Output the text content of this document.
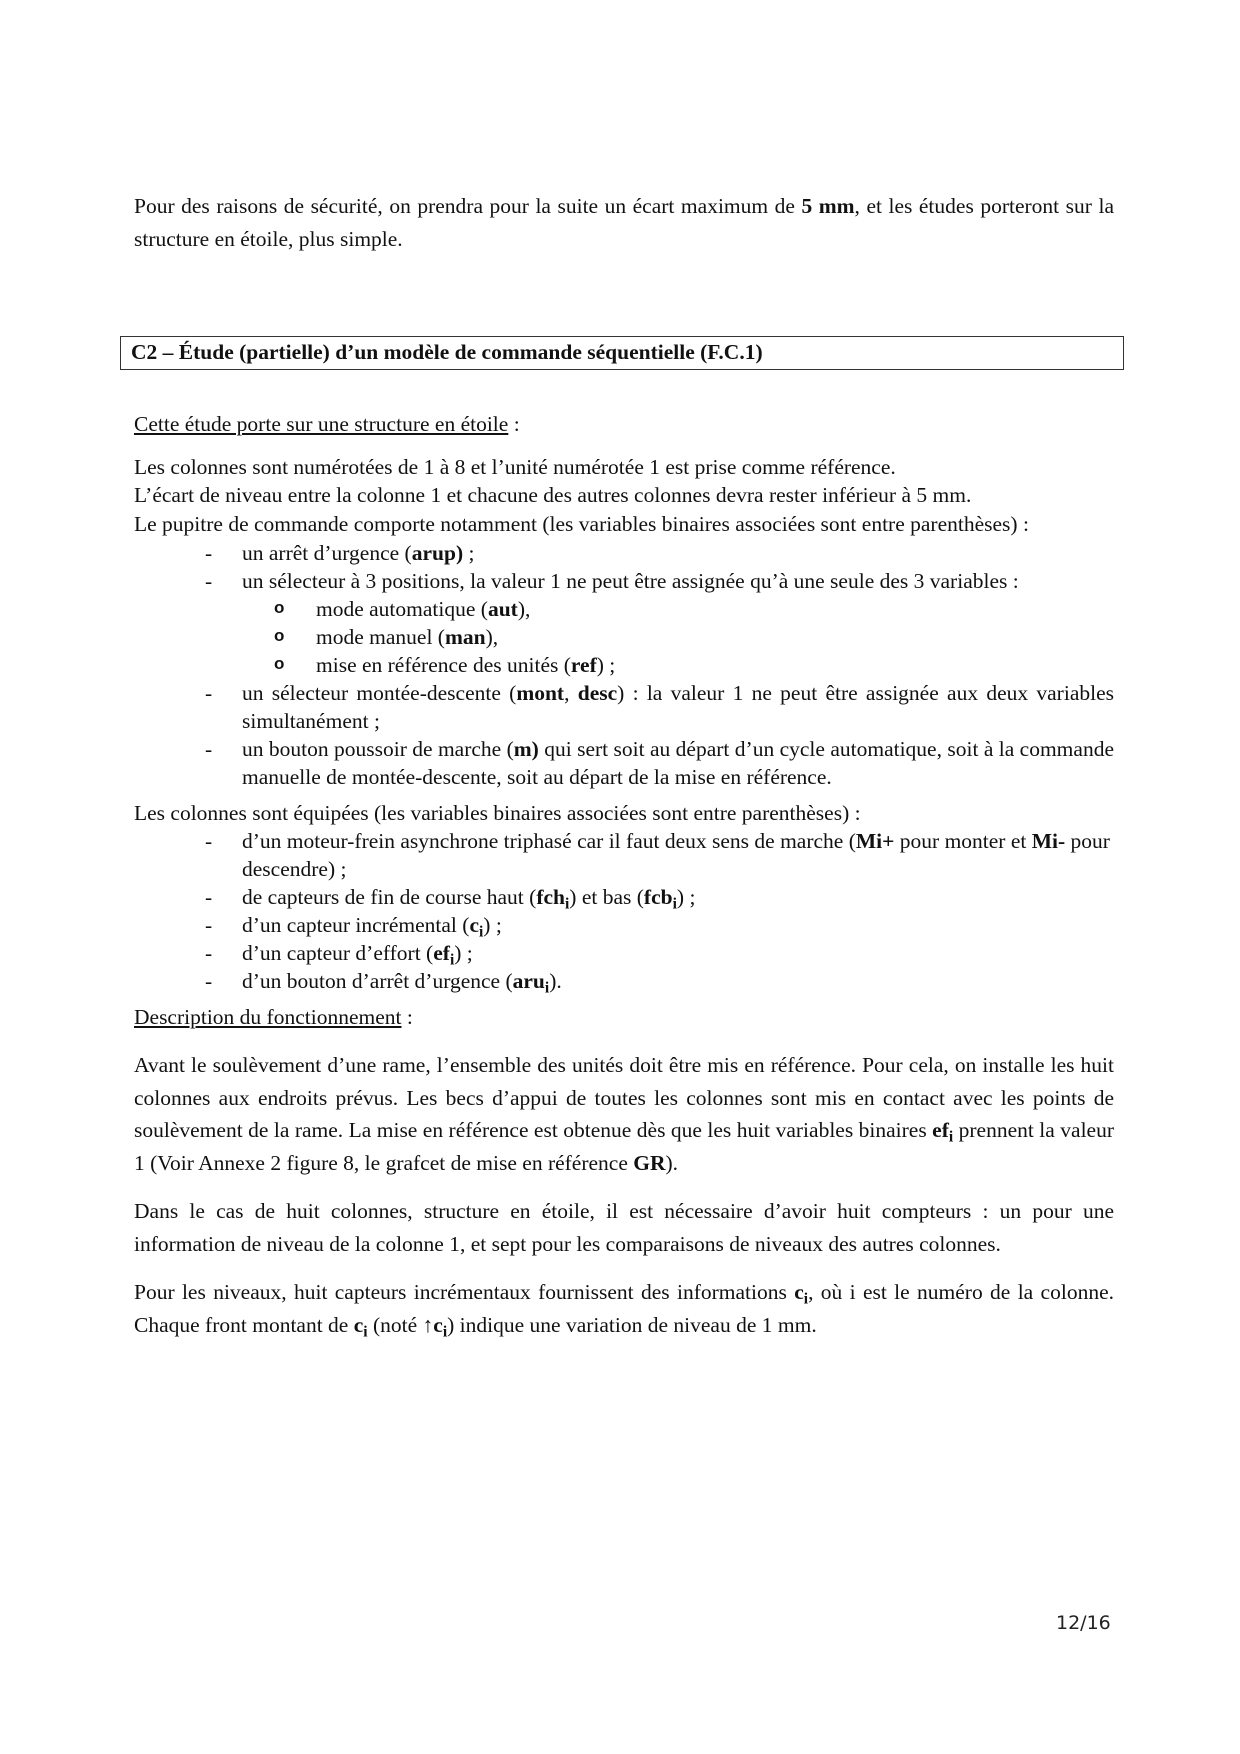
Pour des raisons de sécurité, on prendra pour la suite un écart maximum de 5 mm, et les études porteront sur la structure en étoile, plus simple.

C2 – Étude (partielle) d’un modèle de commande séquentielle (F.C.1)

Cette étude porte sur une structure en étoile :

Les colonnes sont numérotées de 1 à 8 et l’unité numérotée 1 est prise comme référence.

L’écart de niveau entre la colonne 1 et chacune des autres colonnes devra rester inférieur à 5 mm.

Le pupitre de commande comporte notamment (les variables binaires associées sont entre parenthèses) :

- un arrêt d’urgence (arup) ;
- un sélecteur à 3 positions, la valeur 1 ne peut être assignée qu’à une seule des 3 variables :
o mode automatique (aut),
o mode manuel (man),
o mise en référence des unités (ref) ;
- un sélecteur montée-descente (mont, desc) : la valeur 1 ne peut être assignée aux deux variables simultanément ;
- un bouton poussoir de marche (m) qui sert soit au départ d’un cycle automatique, soit à la commande manuelle de montée-descente, soit au départ de la mise en référence.

Les colonnes sont équipées (les variables binaires associées sont entre parenthèses) :

- d’un moteur-frein asynchrone triphasé car il faut deux sens de marche (Mi+ pour monter et Mi- pour descendre) ;
- de capteurs de fin de course haut (fch$_i$) et bas (fcb$_i$) ;
- d’un capteur incrémental $(c_i)$ ;
- d’un capteur d’effort $(ef_i)$ ;
- d’un bouton d’arrêt d’urgence (aru$_i$).

Description du fonctionnement :

Avant le soulèvement d’une rame, l’ensemble des unités doit être mis en référence. Pour cela, on installe les huit colonnes aux endroits prévus. Les becs d’appui de toutes les colonnes sont mis en contact avec les points de soulèvement de la rame. La mise en référence est obtenue dès que les huit variables binaires $ef_i$ prennent la valeur 1 (Voir Annexe 2 figure 8, le grafcet de mise en référence GR).

Dans le cas de huit colonnes, structure en étoile, il est nécessaire d’avoir huit compteurs : un pour une information de niveau de la colonne 1, et sept pour les comparaisons de niveaux des autres colonnes.

Pour les niveaux, huit capteurs incrémentaux fournissent des informations $c_i$, où i est le numéro de la colonne. Chaque front montant de $c_i$ (noté $↑c_i$) indique une variation de niveau de 1 mm.

12/16
